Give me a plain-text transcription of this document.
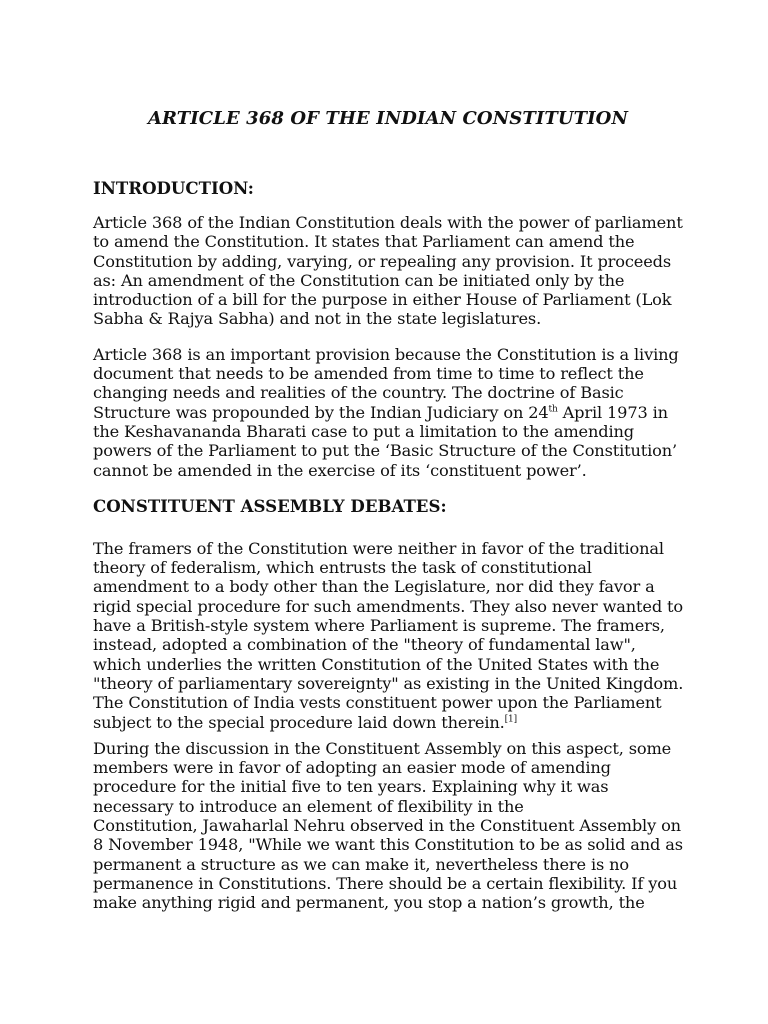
ARTICLE 368 OF THE INDIAN CONSTITUTION
INTRODUCTION:
Article 368 of the Indian Constitution deals with the power of parliament
to amend the Constitution. It states that Parliament can amend the
Constitution by adding, varying, or repealing any provision. It proceeds
as: An amendment of the Constitution can be initiated only by the
introduction of a bill for the purpose in either House of Parliament (Lok
Sabha & Rajya Sabha) and not in the state legislatures.
Article 368 is an important provision because the Constitution is a living
document that needs to be amended from time to time to reflect the
changing needs and realities of the country. The doctrine of Basic
Structure was propounded by the Indian Judiciary on 24th April 1973 in
the Keshavananda Bharati case to put a limitation to the amending
powers of the Parliament to put the ‘Basic Structure of the Constitution’
cannot be amended in the exercise of its ‘constituent power’.
CONSTITUENT ASSEMBLY DEBATES:
The framers of the Constitution were neither in favor of the traditional
theory of federalism, which entrusts the task of constitutional
amendment to a body other than the Legislature, nor did they favor a
rigid special procedure for such amendments. They also never wanted to
have a British-style system where Parliament is supreme. The framers,
instead, adopted a combination of the "theory of fundamental law",
which underlies the written Constitution of the United States with the
"theory of parliamentary sovereignty" as existing in the United Kingdom.
The Constitution of India vests constituent power upon the Parliament
subject to the special procedure laid down therein.[1]
During the discussion in the Constituent Assembly on this aspect, some
members were in favor of adopting an easier mode of amending
procedure for the initial five to ten years. Explaining why it was
necessary to introduce an element of flexibility in the
Constitution, Jawaharlal Nehru observed in the Constituent Assembly on
8 November 1948, "While we want this Constitution to be as solid and as
permanent a structure as we can make it, nevertheless there is no
permanence in Constitutions. There should be a certain flexibility. If you
make anything rigid and permanent, you stop a nation’s growth, the
